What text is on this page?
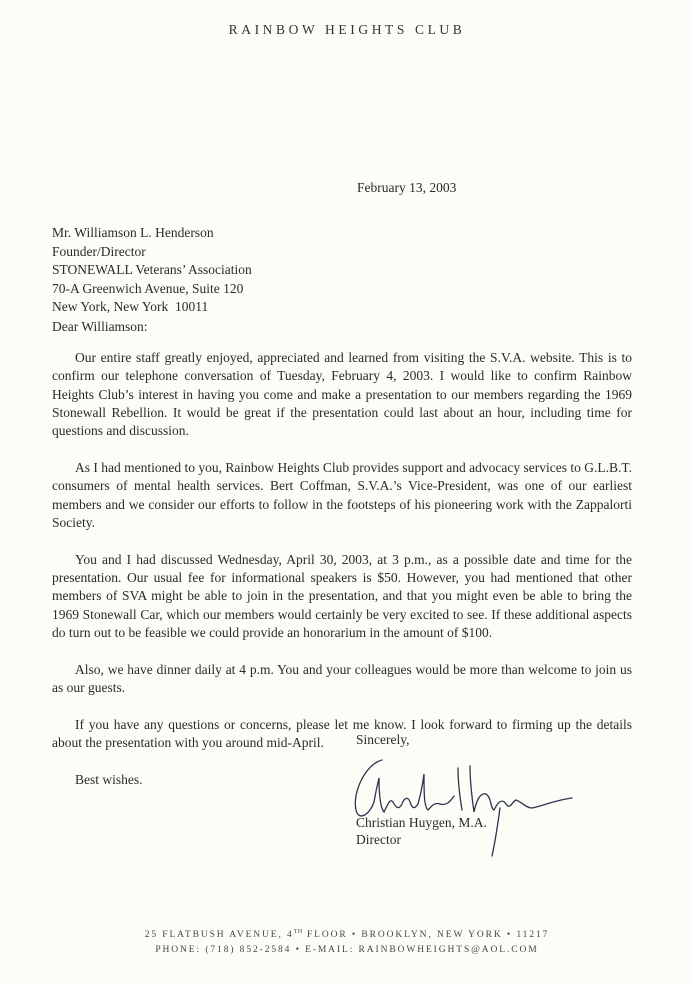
RAINBOW HEIGHTS CLUB
February 13, 2003
Mr. Williamson L. Henderson
Founder/Director
STONEWALL Veterans’ Association
70-A Greenwich Avenue, Suite 120
New York, New York  10011
Dear Williamson:

Our entire staff greatly enjoyed, appreciated and learned from visiting the S.V.A. website. This is to confirm our telephone conversation of Tuesday, February 4, 2003. I would like to confirm Rainbow Heights Club’s interest in having you come and make a presentation to our members regarding the 1969 Stonewall Rebellion. It would be great if the presentation could last about an hour, including time for questions and discussion.

As I had mentioned to you, Rainbow Heights Club provides support and advocacy services to G.L.B.T. consumers of mental health services. Bert Coffman, S.V.A.’s Vice-President, was one of our earliest members and we consider our efforts to follow in the footsteps of his pioneering work with the Zappalorti Society.

You and I had discussed Wednesday, April 30, 2003, at 3 p.m., as a possible date and time for the presentation. Our usual fee for informational speakers is $50. However, you had mentioned that other members of SVA might be able to join in the presentation, and that you might even be able to bring the 1969 Stonewall Car, which our members would certainly be very excited to see. If these additional aspects do turn out to be feasible we could provide an honorarium in the amount of $100.

Also, we have dinner daily at 4 p.m. You and your colleagues would be more than welcome to join us as our guests.

If you have any questions or concerns, please let me know. I look forward to firming up the details about the presentation with you around mid-April.

Best wishes.

Sincerely,
Christian Huygen, M.A.
Director
25 FLATBUSH AVENUE, 4TH FLOOR • BROOKLYN, NEW YORK • 11217
PHONE: (718) 852-2584 • E-MAIL: RAINBOWHEIGHTS@AOL.COM
